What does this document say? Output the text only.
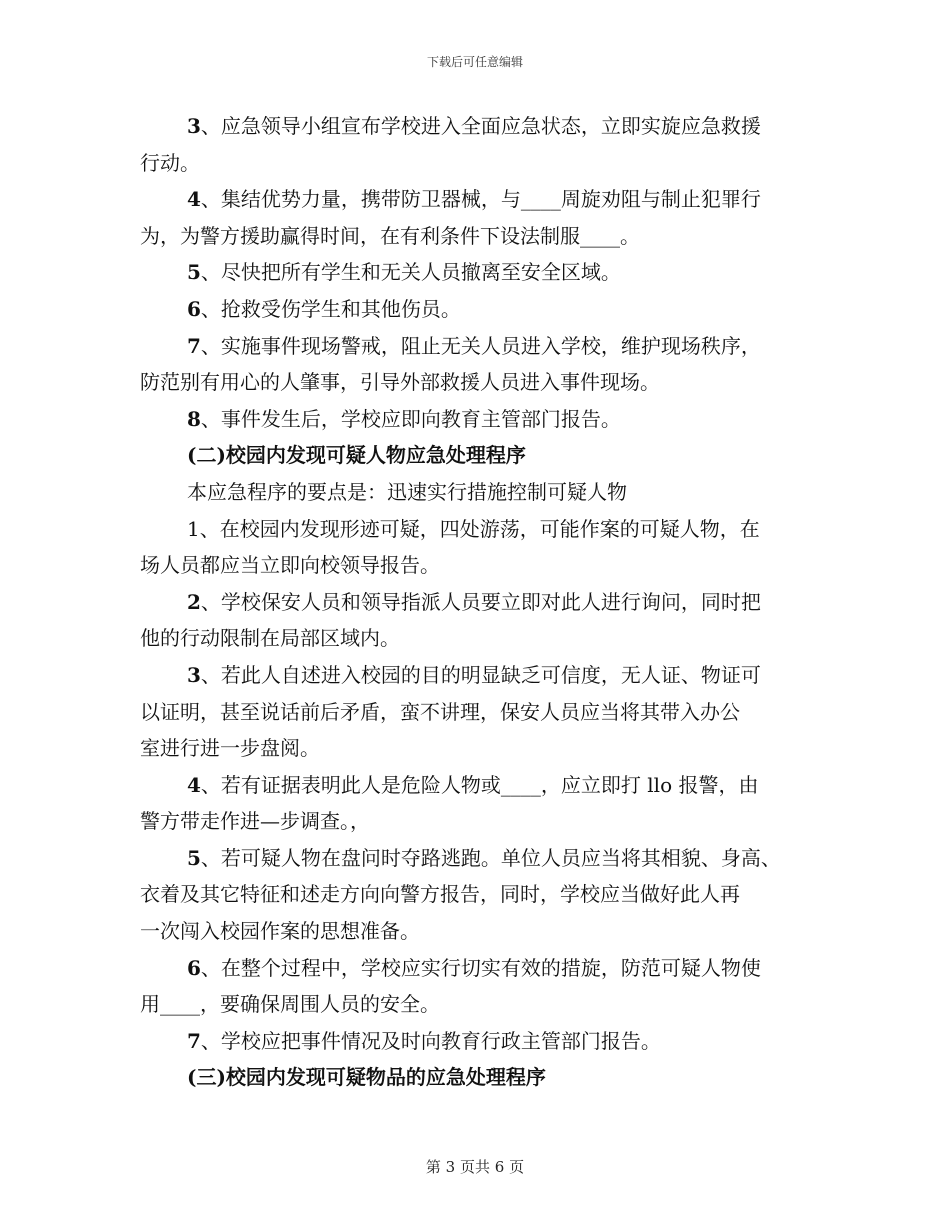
下载后可任意编辑
3、应急领导小组宣布学校进入全面应急状态，立即实旋应急救援
行动。
4、集结优势力量，携带防卫器械，与____周旋劝阻与制止犯罪行
为，为警方援助赢得时间，在有利条件下设法制服____。
5、尽快把所有学生和无关人员撤离至安全区域。
6、抢救受伤学生和其他伤员。
7、实施事件现场警戒，阻止无关人员进入学校，维护现场秩序，
防范别有用心的人肇事，引导外部救援人员进入事件现场。
8、事件发生后，学校应即向教育主管部门报告。
(二)校园内发现可疑人物应急处理程序
本应急程序的要点是：迅速实行措施控制可疑人物
1、在校园内发现形迹可疑，四处游荡，可能作案的可疑人物，在
场人员都应当立即向校领导报告。
2、学校保安人员和领导指派人员要立即对此人进行询问，同时把
他的行动限制在局部区域内。
3、若此人自述进入校园的目的明显缺乏可信度，无人证、物证可
以证明，甚至说话前后矛盾，蛮不讲理，保安人员应当将其带入办公
室进行进一步盘阅。
4、若有证据表明此人是危险人物或____，应立即打 llo 报警，由
警方带走作进—步调查。，
5、若可疑人物在盘问时夺路逃跑。单位人员应当将其相貌、身高、
衣着及其它特征和述走方向向警方报告，同时，学校应当做好此人再
一次闯入校园作案的思想准备。
6、在整个过程中，学校应实行切实有效的措旋，防范可疑人物使
用____，要确保周围人员的安全。
7、学校应把事件情况及时向教育行政主管部门报告。
(三)校园内发现可疑物品的应急处理程序
第 3 页共 6 页
